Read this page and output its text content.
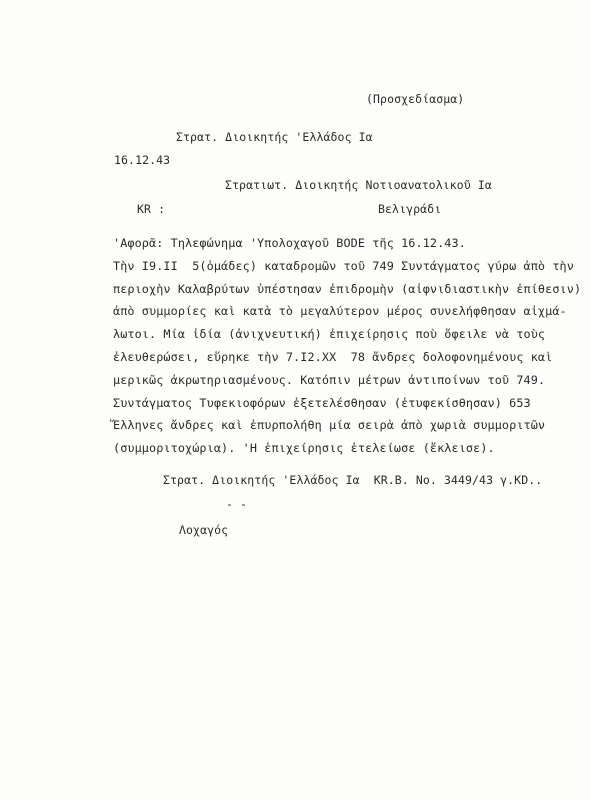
(Προσχεδίασμα)
Στρατ. Διοικητής 'Ελλάδος Ια
16.12.43
Στρατιωτ. Διοικητής Νοτιοανατολικοῦ Ια
KR :	Βελιγράδι
'Αφορᾶ: Τηλεφώνημα 'Υπολοχαγοῦ BODE τῆς 16.12.43.
Τὴν I9.II  5(ὁμάδες) καταδρομῶν τοῦ 749 Συντάγματος γύρω ἀπὸ τὴν
περιοχὴν Καλαβρύτων ὑπέστησαν ἐπιδρομὴν (αἰφνιδιαστικὴν ἐπίθεσιν)
ἀπὸ συμμορίες καὶ κατὰ τὸ μεγαλύτερον μέρος συνελήφθησαν αἰχμά-
λωτοι. Μία ἰδία (ἀνιχνευτική) ἐπιχείρησις ποὺ ὄφειλε νὰ τοὺς
ἐλευθερώσει, εὕρηκε τὴν 7.I2.ΧΧ  78 ἄνδρες δολοφονημένους καὶ
μερικῶς ἀκρωτηριασμένους. Κατόπιν μέτρων ἀντιποίνων τοῦ 749.
Συντάγματος Τυφεκιοφόρων ἐξετελέσθησαν (ἐτυφεκίσθησαν) 653
Ἕλληνες ἄνδρες καὶ ἐπυρπολήθη μία σειρὰ ἀπὸ χωριὰ συμμοριτῶν
(συμμοριτοχώρια). 'Η ἐπιχείρησις ἐτελείωσε (ἔκλεισε).
Στρατ. Διοικητής 'Ελλάδος Ια  KR.B. No. 3449/43 γ.KD..
- -
Λοχαγός
